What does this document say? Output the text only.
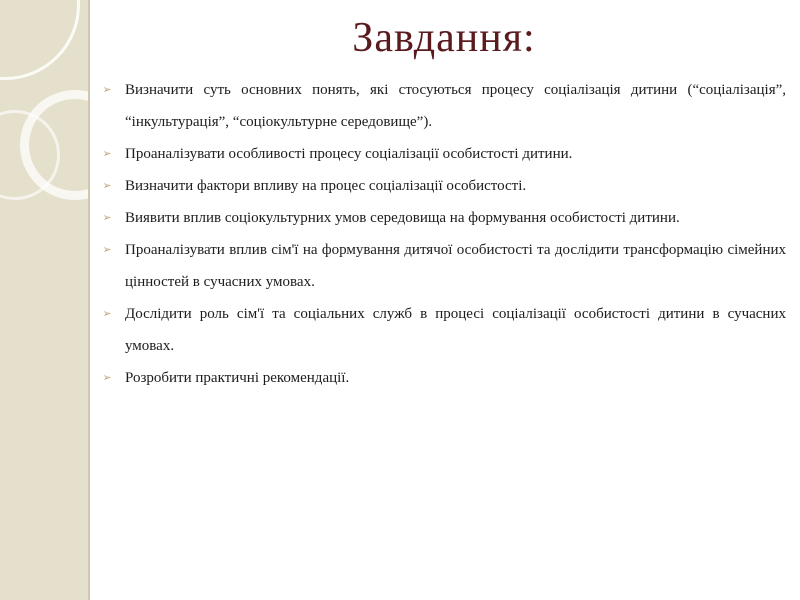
Завдання:
➢ Визначити суть основних понять, які стосуються процесу соціалізація дитини (“соціалізація”, “інкультурація”, “соціокультурне середовище”).
➢ Проаналізувати особливості процесу соціалізації особистості дитини.
➢ Визначити фактори впливу на процес соціалізації особистості.
➢ Виявити вплив соціокультурних умов середовища на формування особистості дитини.
➢ Проаналізувати вплив сім'ї на формування дитячої особистості та дослідити трансформацію сімейних цінностей в сучасних умовах.
➢ Дослідити роль сім'ї та соціальних служб в процесі соціалізації особистості дитини в сучасних умовах.
➢ Розробити практичні рекомендації.
